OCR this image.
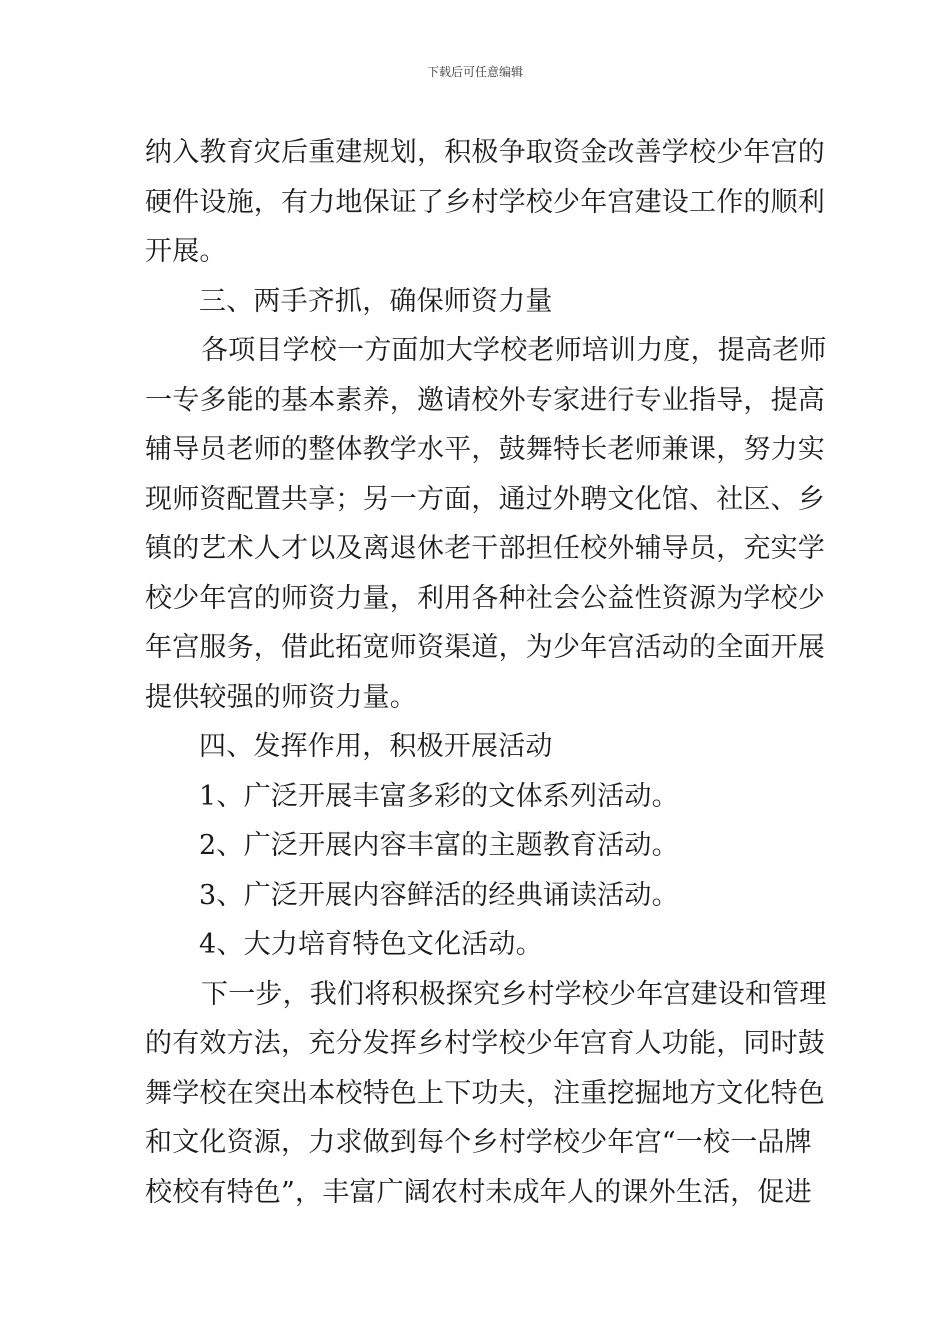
下载后可任意编辑
纳入教育灾后重建规划，积极争取资金改善学校少年宫的
硬件设施，有力地保证了乡村学校少年宫建设工作的顺利
开展。
三、两手齐抓，确保师资力量
各项目学校一方面加大学校老师培训力度，提高老师
一专多能的基本素养，邀请校外专家进行专业指导，提高
辅导员老师的整体教学水平，鼓舞特长老师兼课，努力实
现师资配置共享；另一方面，通过外聘文化馆、社区、乡
镇的艺术人才以及离退休老干部担任校外辅导员，充实学
校少年宫的师资力量，利用各种社会公益性资源为学校少
年宫服务，借此拓宽师资渠道，为少年宫活动的全面开展
提供较强的师资力量。
四、发挥作用，积极开展活动
1、广泛开展丰富多彩的文体系列活动。
2、广泛开展内容丰富的主题教育活动。
3、广泛开展内容鲜活的经典诵读活动。
4、大力培育特色文化活动。
下一步，我们将积极探究乡村学校少年宫建设和管理
的有效方法，充分发挥乡村学校少年宫育人功能，同时鼓
舞学校在突出本校特色上下功夫，注重挖掘地方文化特色
和文化资源，力求做到每个乡村学校少年宫“一校一品牌
校校有特色”，丰富广阔农村未成年人的课外生活，促进
